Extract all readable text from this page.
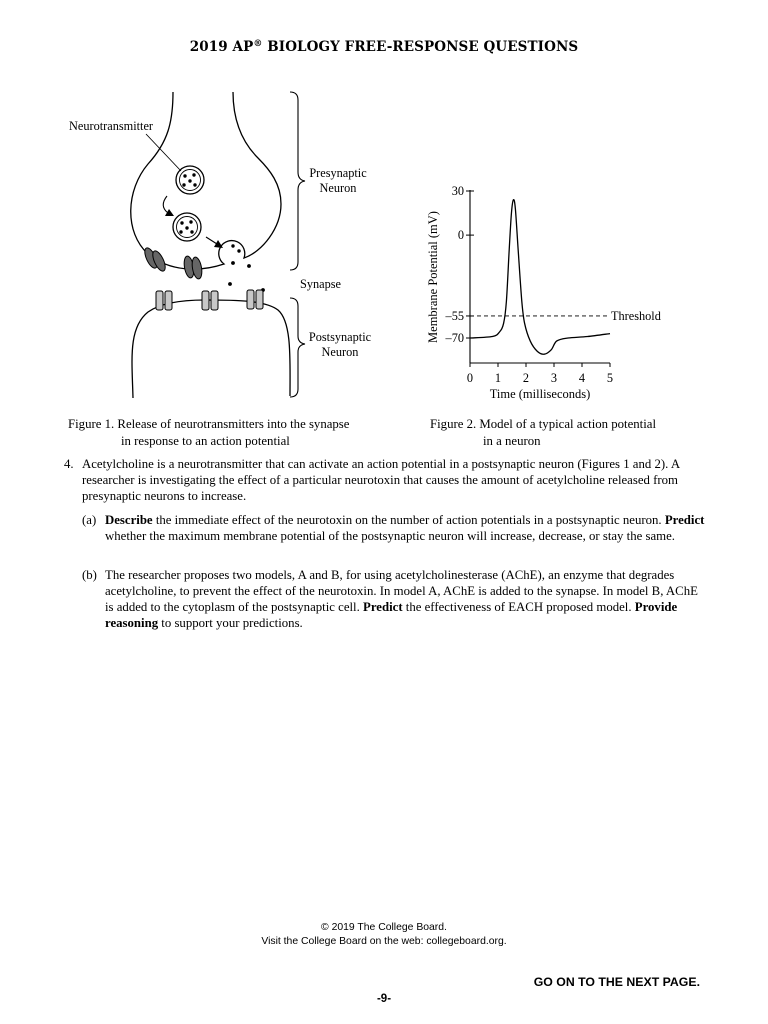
2019 AP® BIOLOGY FREE-RESPONSE QUESTIONS
Neurotransmitter
Presynaptic
Neuron
Synapse
Postsynaptic
Neuron
30
0
–55
–70
0 1 2 3 4 5
Threshold
Membrane Potential (mV)
Time (milliseconds)
Figure 1. Release of neurotransmitters into the synapse
in response to an action potential
Figure 2. Model of a typical action potential
in a neuron
4. Acetylcholine is a neurotransmitter that can activate an action potential in a postsynaptic neuron (Figures 1 and 2). A researcher is investigating the effect of a particular neurotoxin that causes the amount of acetylcholine released from presynaptic neurons to increase.
(a) Describe the immediate effect of the neurotoxin on the number of action potentials in a postsynaptic neuron. Predict whether the maximum membrane potential of the postsynaptic neuron will increase, decrease, or stay the same.
(b) The researcher proposes two models, A and B, for using acetylcholinesterase (AChE), an enzyme that degrades acetylcholine, to prevent the effect of the neurotoxin. In model A, AChE is added to the synapse. In model B, AChE is added to the cytoplasm of the postsynaptic cell. Predict the effectiveness of EACH proposed model. Provide reasoning to support your predictions.
© 2019 The College Board.
Visit the College Board on the web: collegeboard.org.
GO ON TO THE NEXT PAGE.
-9-
